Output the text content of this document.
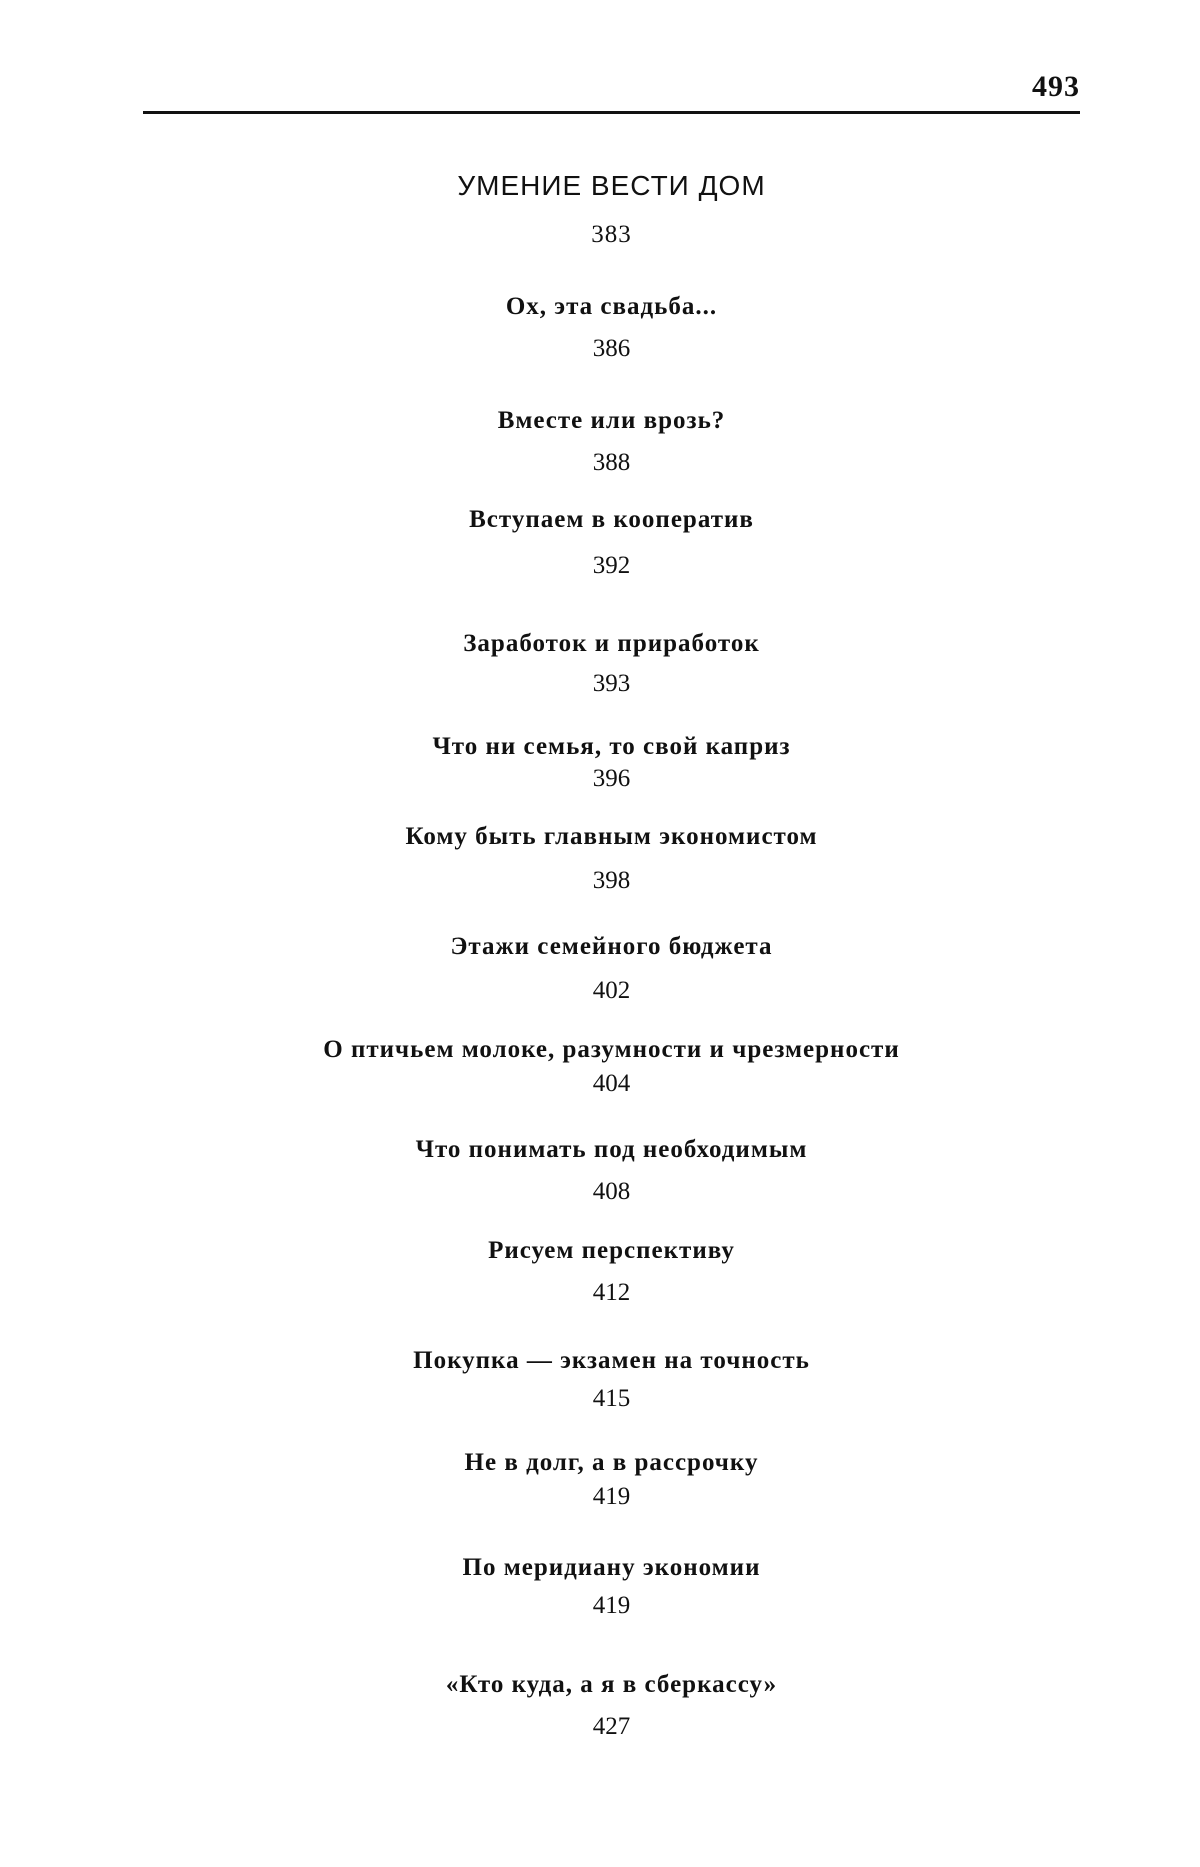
493
УМЕНИЕ ВЕСТИ ДОМ
383
Ох, эта свадьба...
386
Вместе или врозь?
388
Вступаем в кооператив
392
Заработок и приработок
393
Что ни семья, то свой каприз
396
Кому быть главным экономистом
398
Этажи семейного бюджета
402
О птичьем молоке, разумности и чрезмерности
404
Что понимать под необходимым
408
Рисуем перспективу
412
Покупка — экзамен на точность
415
Не в долг, а в рассрочку
419
По меридиану экономии
419
«Кто куда, а я в сберкассу»
427
